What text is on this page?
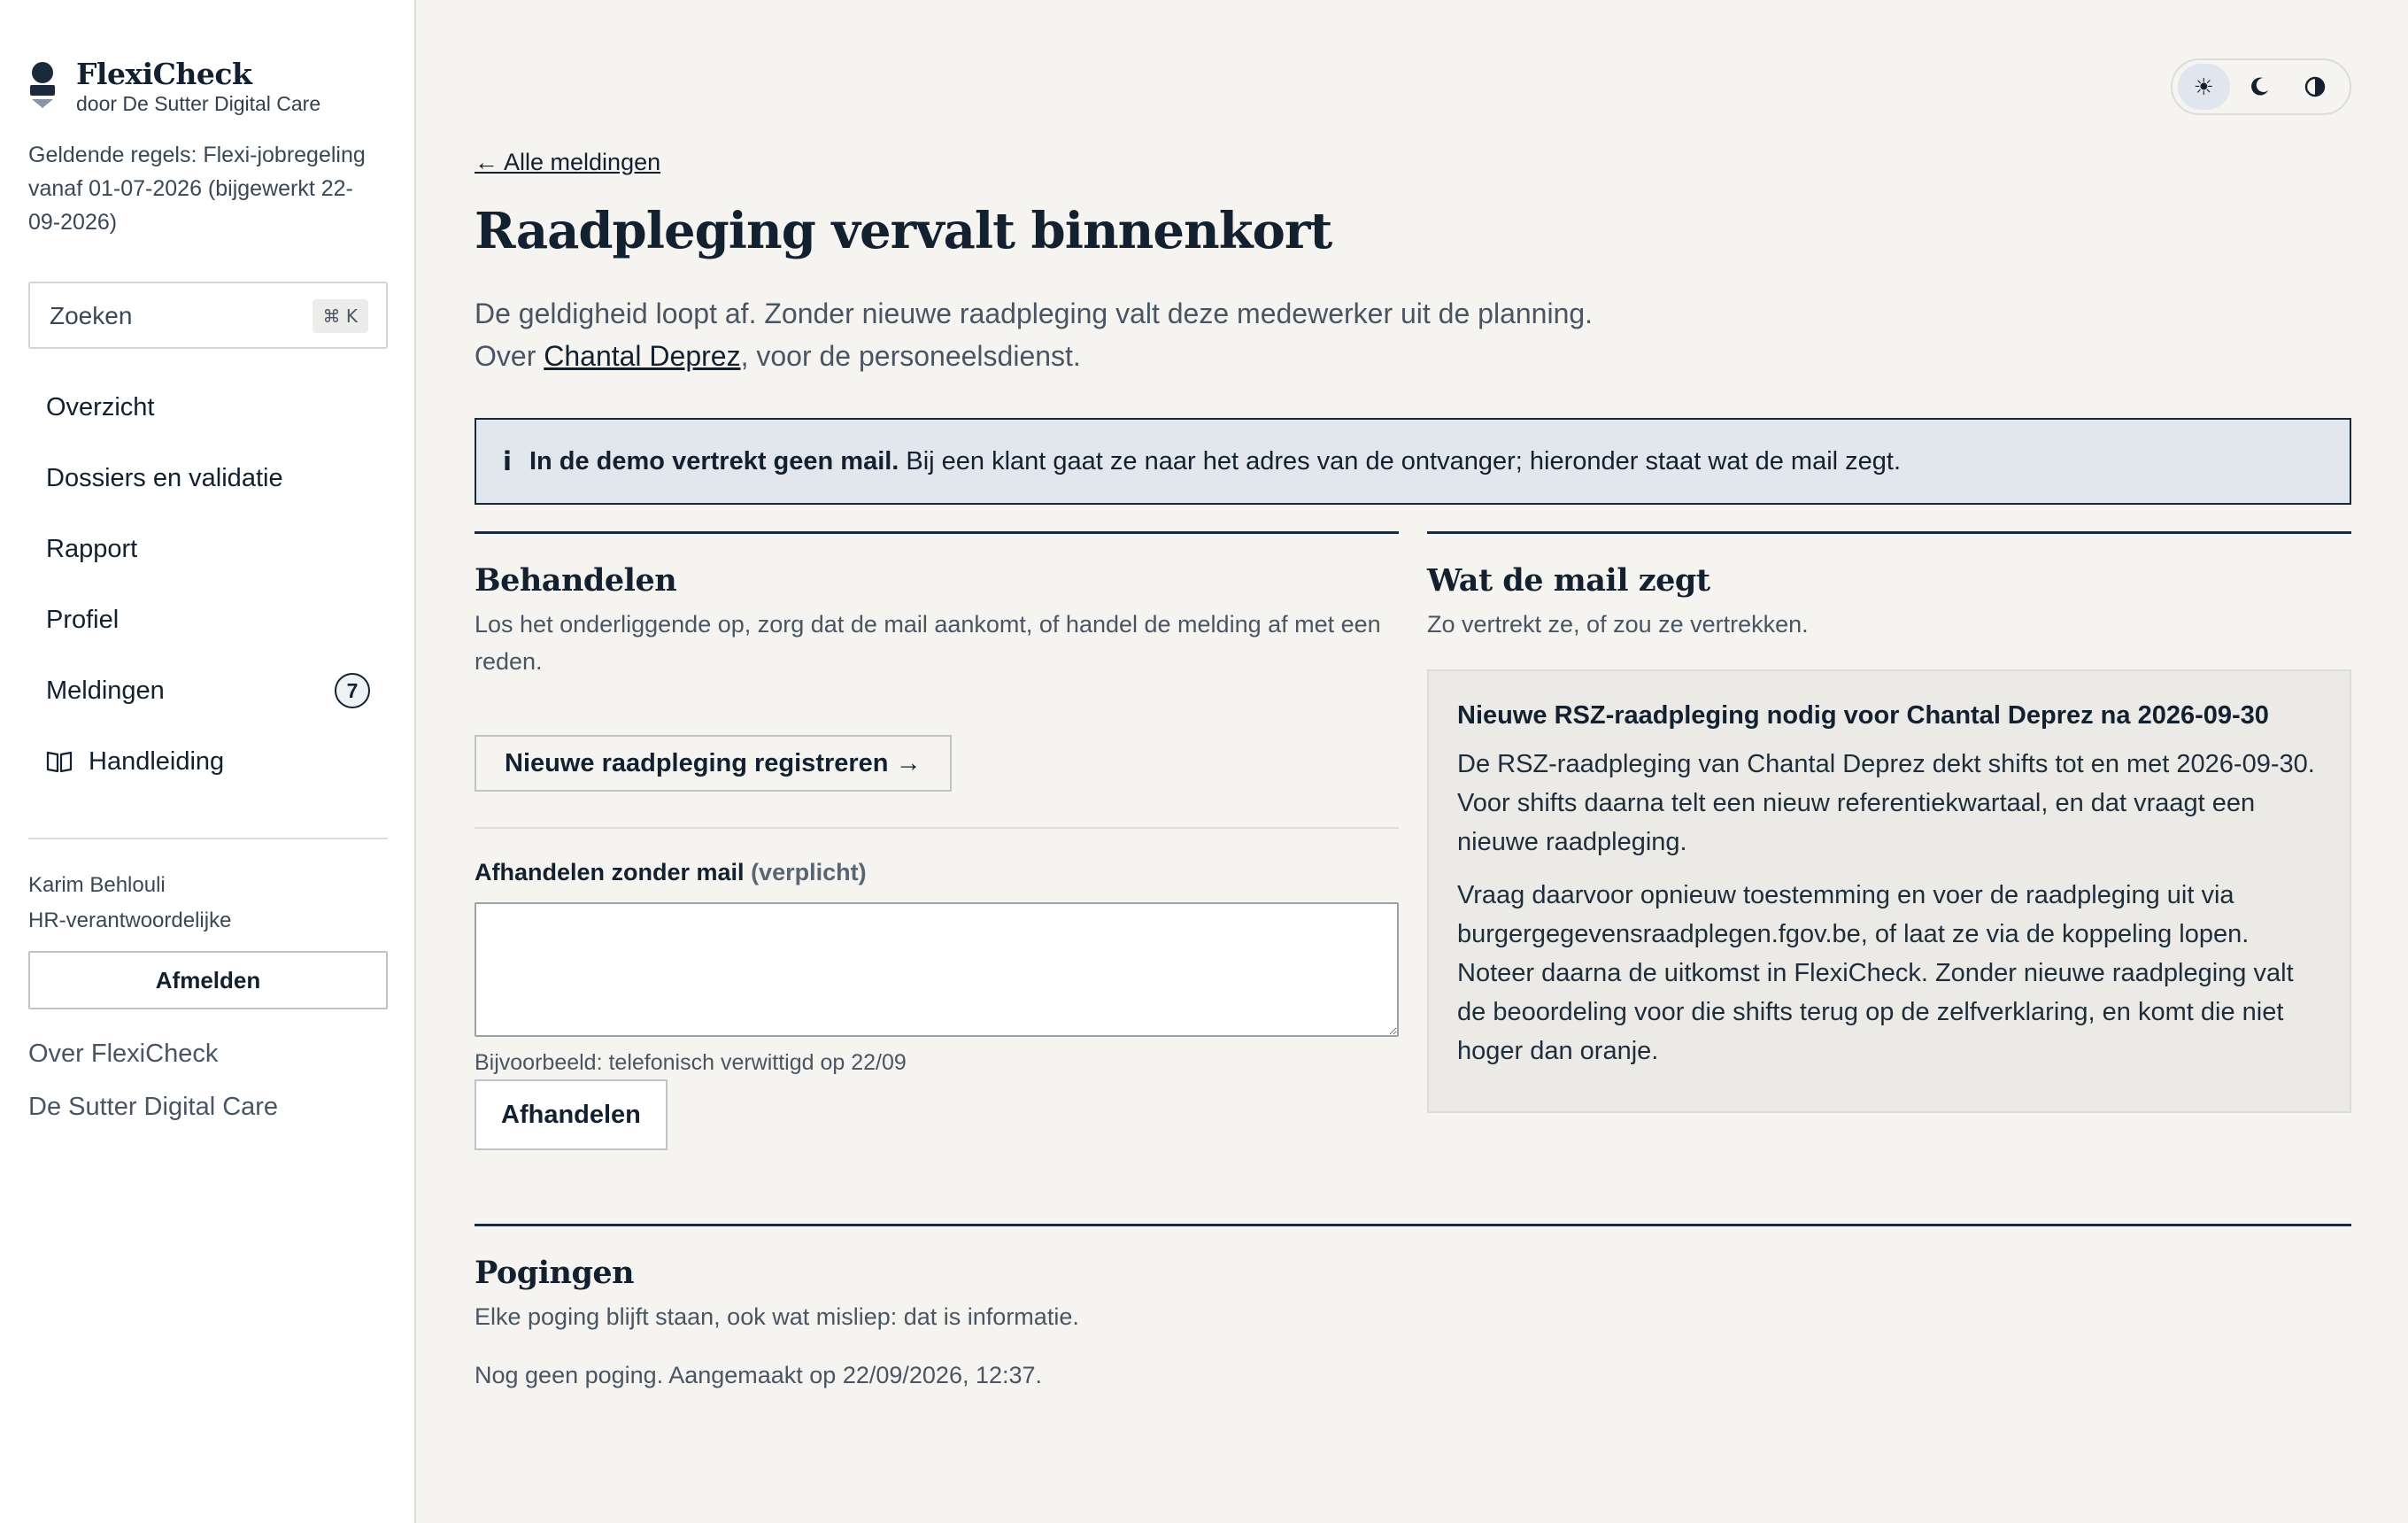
FlexiCheck
door De Sutter Digital Care
Geldende regels: Flexi-jobregeling vanaf 01-07-2026 (bijgewerkt 22-09-2026)
Zoeken
⌘ K
Overzicht
Dossiers en validatie
Rapport
Profiel
Meldingen	7
Handleiding
Karim Behlouli
HR-verantwoordelijke
Afmelden
Over FlexiCheck
De Sutter Digital Care
☀
← Alle meldingen
Raadpleging vervalt binnenkort
De geldigheid loopt af. Zonder nieuwe raadpleging valt deze medewerker uit de planning.
Over Chantal Deprez, voor de personeelsdienst.
i In de demo vertrekt geen mail. Bij een klant gaat ze naar het adres van de ontvanger; hieronder staat wat de mail zegt.
Behandelen
Los het onderliggende op, zorg dat de mail aankomt, of handel de melding af met een reden.
Nieuwe raadpleging registreren →
Afhandelen zonder mail (verplicht)
Bijvoorbeeld: telefonisch verwittigd op 22/09
Afhandelen
Wat de mail zegt
Zo vertrekt ze, of zou ze vertrekken.
Nieuwe RSZ-raadpleging nodig voor Chantal Deprez na 2026-09-30
De RSZ-raadpleging van Chantal Deprez dekt shifts tot en met 2026-09-30. Voor shifts daarna telt een nieuw referentiekwartaal, en dat vraagt een nieuwe raadpleging.
Vraag daarvoor opnieuw toestemming en voer de raadpleging uit via burgergegevensraadplegen.fgov.be, of laat ze via de koppeling lopen. Noteer daarna de uitkomst in FlexiCheck. Zonder nieuwe raadpleging valt de beoordeling voor die shifts terug op de zelfverklaring, en komt die niet hoger dan oranje.
Pogingen
Elke poging blijft staan, ook wat misliep: dat is informatie.
Nog geen poging. Aangemaakt op 22/09/2026, 12:37.
